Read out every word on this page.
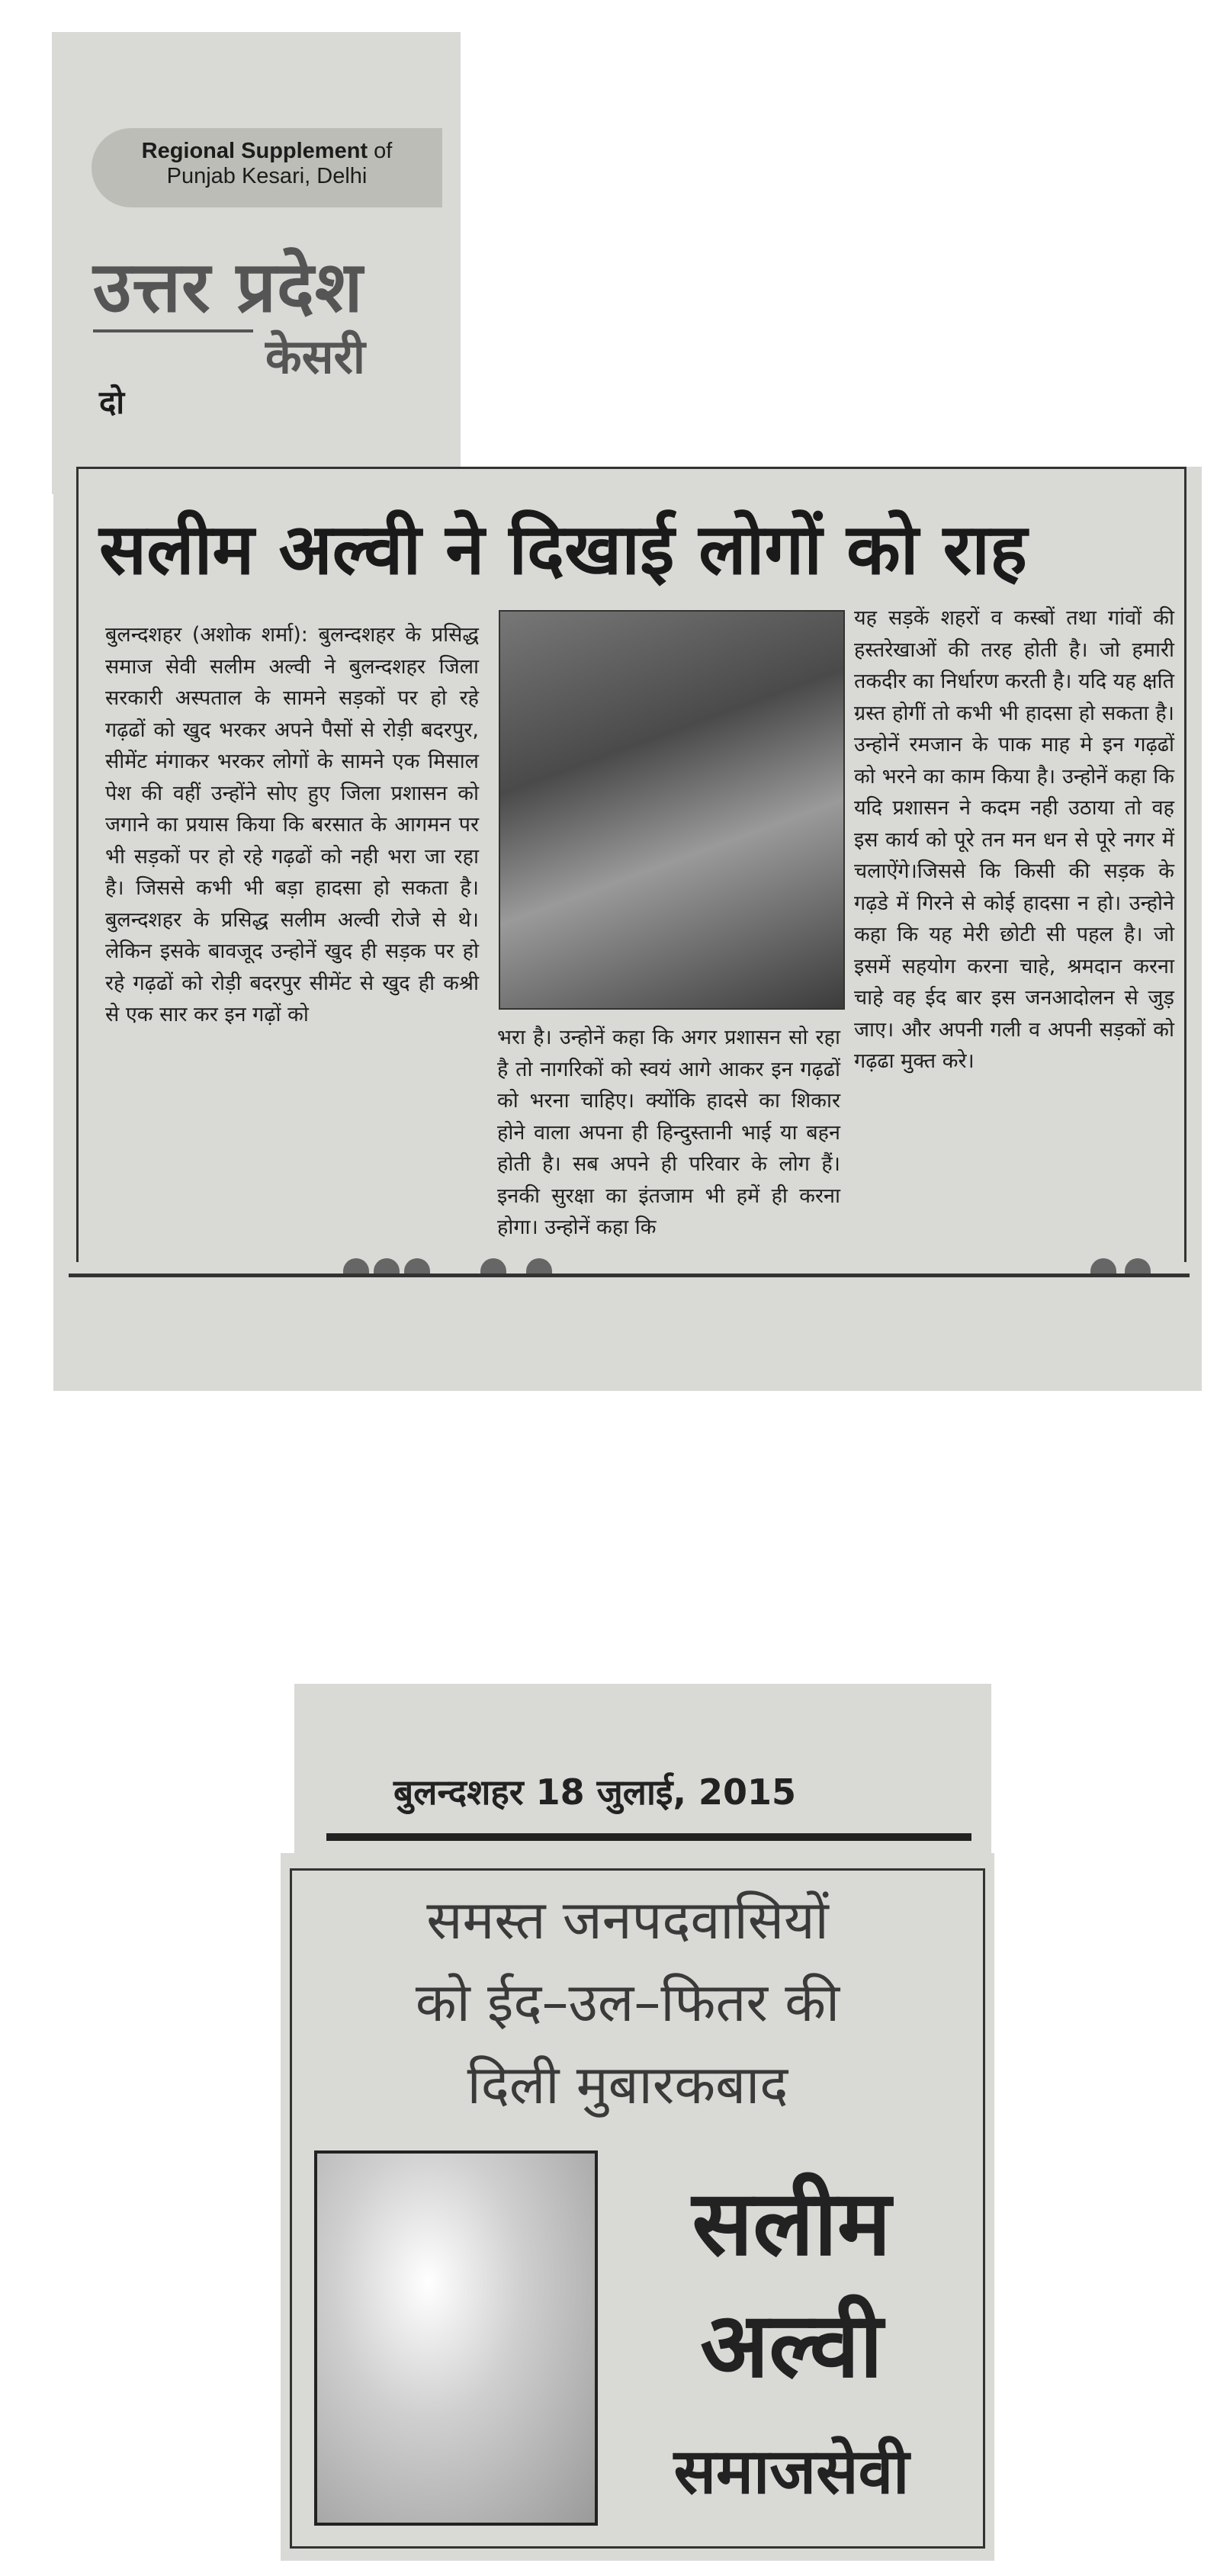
Regional Supplement of
Punjab Kesari, Delhi
उत्तर प्रदेश
केसरी
दो
सलीम अल्वी ने दिखाई लोगों को राह
बुलन्दशहर (अशोक शर्मा): बुलन्दशहर के प्रसिद्ध समाज सेवी सलीम अल्वी ने बुलन्दशहर जिला सरकारी अस्पताल के सामने सड़कों पर हो रहे गढ़ढों को खुद भरकर अपने पैसों से रोड़ी बदरपुर, सीमेंट मंगाकर भरकर लोगों के सामने एक मिसाल पेश की वहीं उन्होंने सोए हुए जिला प्रशासन को जगाने का प्रयास किया कि बरसात के आगमन पर भी सड़कों पर हो रहे गढ़ढों को नही भरा जा रहा है। जिससे कभी भी बड़ा हादसा हो सकता है। बुलन्दशहर के प्रसिद्ध सलीम अल्वी रोजे से थे। लेकिन इसके बावजूद उन्होनें खुद ही सड़क पर हो रहे गढ़ढों को रोड़ी बदरपुर सीमेंट से खुद ही कश्री से एक सार कर इन गढ़ों को
भरा है। उन्होनें कहा कि अगर प्रशासन सो रहा है तो नागरिकों को स्वयं आगे आकर इन गढ़ढों को भरना चाहिए। क्योंकि हादसे का शिकार होने वाला अपना ही हिन्दुस्तानी भाई या बहन होती है। सब अपने ही परिवार के लोग हैं। इनकी सुरक्षा का इंतजाम भी हमें ही करना होगा। उन्होनें कहा कि
यह सड़कें शहरों व कस्बों तथा गांवों की हस्तरेखाओं की तरह होती है। जो हमारी तकदीर का निर्धारण करती है। यदि यह क्षति ग्रस्त होगीं तो कभी भी हादसा हो सकता है। उन्होनें रमजान के पाक माह मे इन गढ़ढों को भरने का काम किया है। उन्होनें कहा कि यदि प्रशासन ने कदम नही उठाया तो वह इस कार्य को पूरे तन मन धन से पूरे नगर में चलाऐंगे।जिससे कि किसी की सड़क के गढ़डे में गिरने से कोई हादसा न हो। उन्होने कहा कि यह मेरी छोटी सी पहल है। जो इसमें सहयोग करना चाहे, श्रमदान करना चाहे वह ईद बार इस जनआदोलन से जुड़ जाए। और अपनी गली व अपनी सड़कों को गढ़ढा मुक्त करे।
बुलन्दशहर 18 जुलाई, 2015
समस्त जनपदवासियों
को ईद–उल–फितर की
दिली मुबारकबाद
सलीम
अल्वी
समाजसेवी
